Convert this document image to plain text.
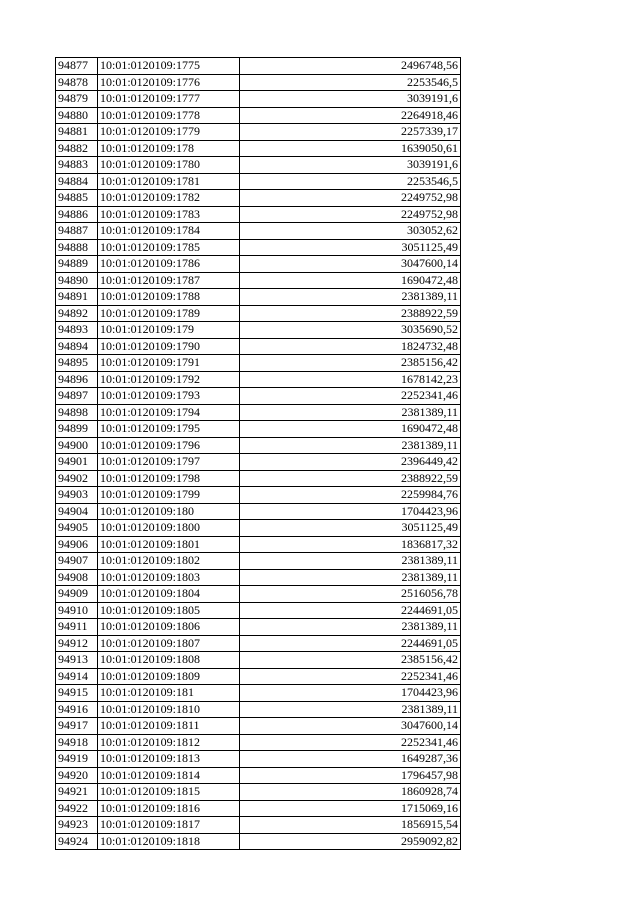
94877	10:01:0120109:1775	2496748,56
94878	10:01:0120109:1776	2253546,5
94879	10:01:0120109:1777	3039191,6
94880	10:01:0120109:1778	2264918,46
94881	10:01:0120109:1779	2257339,17
94882	10:01:0120109:178	1639050,61
94883	10:01:0120109:1780	3039191,6
94884	10:01:0120109:1781	2253546,5
94885	10:01:0120109:1782	2249752,98
94886	10:01:0120109:1783	2249752,98
94887	10:01:0120109:1784	303052,62
94888	10:01:0120109:1785	3051125,49
94889	10:01:0120109:1786	3047600,14
94890	10:01:0120109:1787	1690472,48
94891	10:01:0120109:1788	2381389,11
94892	10:01:0120109:1789	2388922,59
94893	10:01:0120109:179	3035690,52
94894	10:01:0120109:1790	1824732,48
94895	10:01:0120109:1791	2385156,42
94896	10:01:0120109:1792	1678142,23
94897	10:01:0120109:1793	2252341,46
94898	10:01:0120109:1794	2381389,11
94899	10:01:0120109:1795	1690472,48
94900	10:01:0120109:1796	2381389,11
94901	10:01:0120109:1797	2396449,42
94902	10:01:0120109:1798	2388922,59
94903	10:01:0120109:1799	2259984,76
94904	10:01:0120109:180	1704423,96
94905	10:01:0120109:1800	3051125,49
94906	10:01:0120109:1801	1836817,32
94907	10:01:0120109:1802	2381389,11
94908	10:01:0120109:1803	2381389,11
94909	10:01:0120109:1804	2516056,78
94910	10:01:0120109:1805	2244691,05
94911	10:01:0120109:1806	2381389,11
94912	10:01:0120109:1807	2244691,05
94913	10:01:0120109:1808	2385156,42
94914	10:01:0120109:1809	2252341,46
94915	10:01:0120109:181	1704423,96
94916	10:01:0120109:1810	2381389,11
94917	10:01:0120109:1811	3047600,14
94918	10:01:0120109:1812	2252341,46
94919	10:01:0120109:1813	1649287,36
94920	10:01:0120109:1814	1796457,98
94921	10:01:0120109:1815	1860928,74
94922	10:01:0120109:1816	1715069,16
94923	10:01:0120109:1817	1856915,54
94924	10:01:0120109:1818	2959092,82
